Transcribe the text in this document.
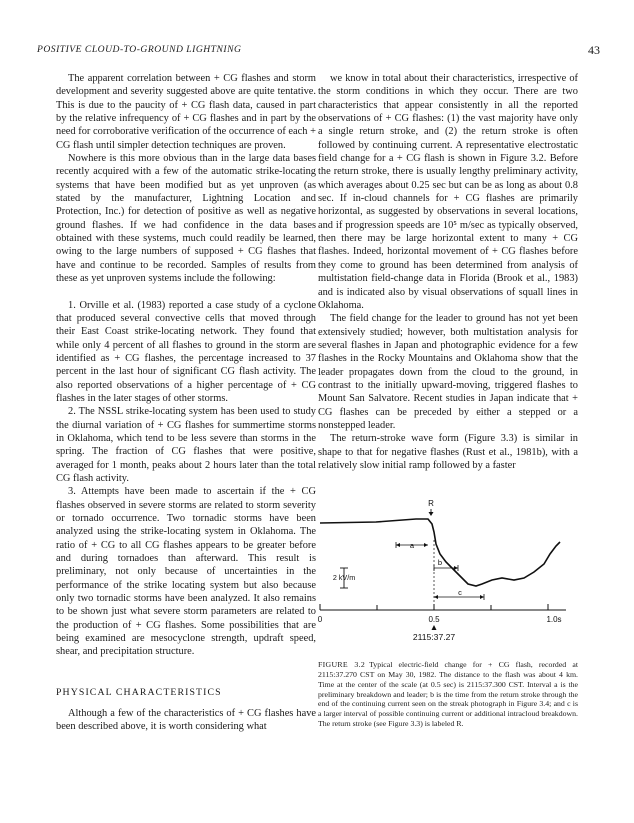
POSITIVE CLOUD-TO-GROUND LIGHTNING	43

The apparent correlation between + CG flashes and storm development and severity suggested above are quite tentative. This is due to the paucity of + CG flash data, caused in part by the relative infrequency of + CG flashes and in part by the need for corroborative verification of the occurrence of each + CG flash until simpler detection techniques are proven.

Nowhere is this more obvious than in the large data bases recently acquired with a few of the automatic strike-locating systems that have been modified but as yet unproven (as stated by the manufacturer, Lightning Location and Protection, Inc.) for detection of positive as well as negative ground flashes. If we had confidence in the data bases obtained with these systems, much could readily be learned, owing to the large numbers of supposed + CG flashes that have and continue to be recorded. Samples of results from these as yet unproven systems include the following:

1. Orville et al. (1983) reported a case study of a cyclone that produced several convective cells that moved through their East Coast strike-locating network. They found that while only 4 percent of all flashes to ground in the storm are identified as + CG flashes, the percentage increased to 37 percent in the last hour of significant CG flash activity. The also reported observations of a higher percentage of + CG flashes in the later stages of other storms.

2. The NSSL strike-locating system has been used to study the diurnal variation of + CG flashes for summertime storms in Oklahoma, which tend to be less severe than storms in the spring. The fraction of CG flashes that were positive, averaged for 1 month, peaks about 2 hours later than the total CG flash activity.

3. Attempts have been made to ascertain if the + CG flashes observed in severe storms are related to storm severity or tornado occurrence. Two tornadic storms have been analyzed using the strike-locating system in Oklahoma. The ratio of + CG to all CG flashes appears to be greater before and during tornadoes than afterward. This result is preliminary, not only because of uncertainties in the performance of the strike locating system but also because only two tornadic storms have been analyzed. It also remains to be shown just what severe storm parameters are related to the production of + CG flashes. Some possibilities that are being examined are mesocyclone strength, updraft speed, shear, and precipitation structure.

PHYSICAL CHARACTERISTICS

Although a few of the characteristics of + CG flashes have been described above, it is worth considering what

we know in total about their characteristics, irrespective of the storm conditions in which they occur. There are two characteristics that appear consistently in all the reported observations of + CG flashes: (1) the vast majority have only a single return stroke, and (2) the return stroke is often followed by continuing current. A representative electrostatic field change for a + CG flash is shown in Figure 3.2. Before the return stroke, there is usually lengthy preliminary activity, which averages about 0.25 sec but can be as long as about 0.8 sec. If in-cloud channels for + CG flashes are primarily horizontal, as suggested by observations in several locations, and if progression speeds are 10⁵ m/sec as typically observed, then there may be large horizontal extent to many + CG flashes. Indeed, horizontal movement of + CG flashes before they come to ground has been determined from analysis of multistation field-change data in Florida (Brook et al., 1983) and is indicated also by visual observations of squall lines in Oklahoma.

The field change for the leader to ground has not yet been extensively studied; however, both multistation analysis for several flashes in Japan and photographic evidence for a few flashes in the Rocky Mountains and Oklahoma show that the leader propagates down from the cloud to the ground, in contrast to the initially upward-moving, triggered flashes to Mount San Salvatore. Recent studies in Japan indicate that + CG flashes can be preceded by either a stepped or a nonstepped leader.

The return-stroke wave form (Figure 3.3) is similar in shape to that for negative flashes (Rust et al., 1981b), with a relatively slow initial ramp followed by a faster

R
a
b
c
2 kV/m
0	0.5	1.0s
2115:37.27
FIGURE 3.2 Typical electric-field change for + CG flash, recorded at 2115:37.270 CST on May 30, 1982. The distance to the flash was about 4 km. Time at the center of the scale (at 0.5 sec) is 2115:37.300 CST. Interval a is the preliminary breakdown and leader; b is the time from the return stroke through the end of the continuing current seen on the streak photograph in Figure 3.4; and c is a larger interval of possible continuing current or additional intracloud breakdown. The return stroke (see Figure 3.3) is labeled R.
